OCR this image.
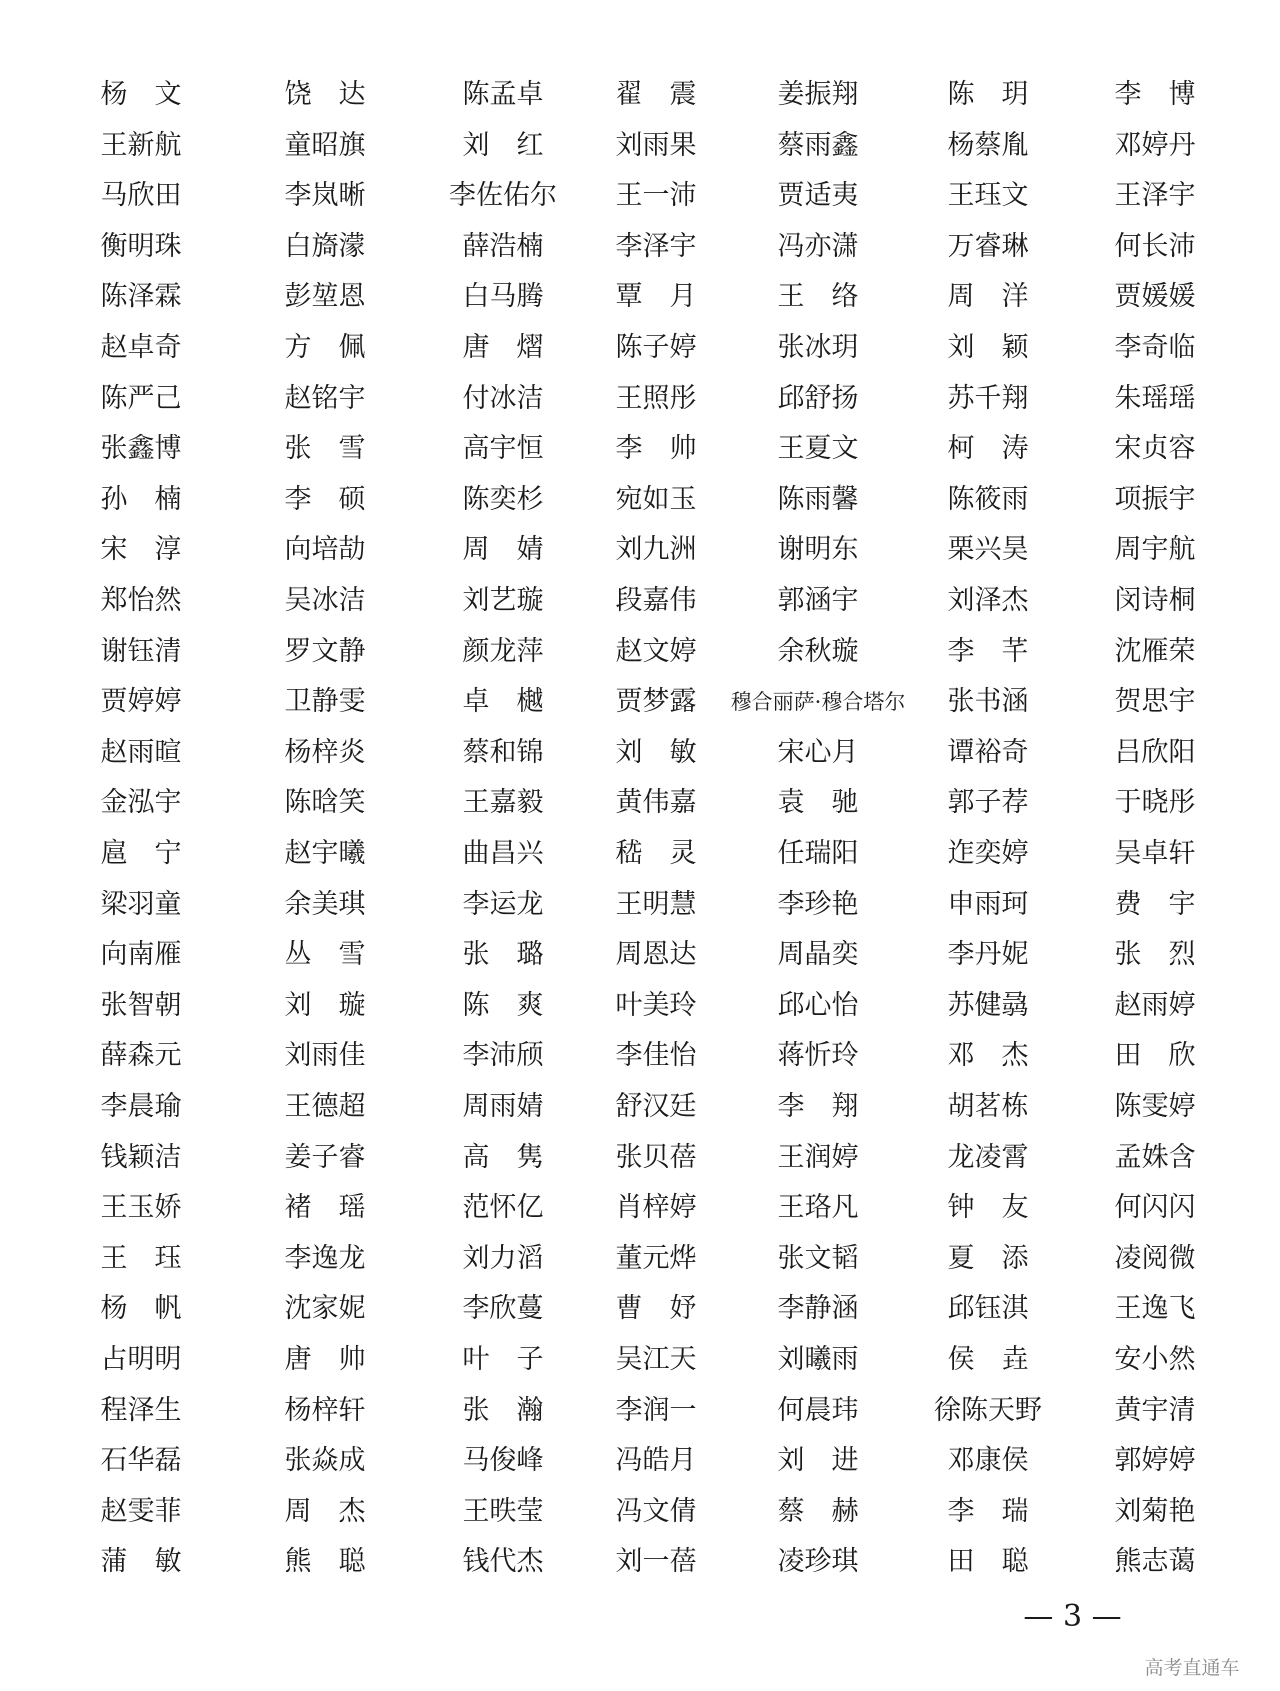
杨　文	饶　达	陈孟卓	翟　震	姜振翔	陈　玥	李　博
王新航	童昭旗	刘　红	刘雨果	蔡雨鑫	杨蔡胤	邓婷丹
马欣田	李岚晰	李佐佑尔 王一沛	贾适夷	王珏文	王泽宇
衡明珠	白旖濛	薛浩楠	李泽宇	冯亦潇	万睿琳	何长沛
陈泽霖	彭堃恩	白马腾	覃　月	王　络	周　洋	贾媛媛
赵卓奇	方　佩	唐　熠	陈子婷	张冰玥	刘　颖	李奇临
陈严己	赵铭宇	付冰洁	王照彤	邱舒扬	苏千翔	朱瑶瑶
张鑫博	张　雪	高宇恒	李　帅	王夏文	柯　涛	宋贞容
孙　楠	李　硕	陈奕杉	宛如玉	陈雨馨	陈筱雨	项振宇
宋　淳	向培劼	周　婧	刘九洲	谢明东	栗兴昊	周宇航
郑怡然	吴冰洁	刘艺璇	段嘉伟	郭涵宇	刘泽杰	闵诗桐
谢钰清	罗文静	颜龙萍	赵文婷	余秋璇	李　芊	沈雁荣
贾婷婷	卫静雯	卓　樾	贾梦露 穆合丽萨·穆合塔尔 张书涵	贺思宇
赵雨暄	杨梓炎	蔡和锦	刘　敏	宋心月	谭裕奇	吕欣阳
金泓宇	陈晗笑	王嘉毅	黄伟嘉	袁　驰	郭子荐	于晓彤
扈　宁	赵宇曦	曲昌兴	嵇　灵	任瑞阳	迮奕婷	吴卓轩
梁羽童	余美琪	李运龙	王明慧	李珍艳	申雨珂	费　宇
向南雁	丛　雪	张　璐	周恩达	周晶奕	李丹妮	张　烈
张智朝	刘　璇	陈　爽	叶美玲	邱心怡	苏健骉	赵雨婷
薛森元	刘雨佳	李沛颀	李佳怡	蒋忻玲	邓　杰	田　欣
李晨瑜	王德超	周雨婧	舒汉廷	李　翔	胡茗栋	陈雯婷
钱颖洁	姜子睿	高　隽	张贝蓓	王润婷	龙凌霄	孟姝含
王玉娇	褚　瑶	范怀亿	肖梓婷	王珞凡	钟　友	何闪闪
王　珏	李逸龙	刘力滔	董元烨	张文韬	夏　添	凌阅微
杨　帆	沈家妮	李欣蔓	曹　妤	李静涵	邱钰淇	王逸飞
占明明	唐　帅	叶　子	吴江天	刘曦雨	侯　垚	安小然
程泽生	杨梓轩	张　瀚	李润一	何晨玮	徐陈天野	黄宇清
石华磊	张焱成	马俊峰	冯皓月	刘　进	邓康侯	郭婷婷
赵雯菲	周　杰	王昳莹	冯文倩	蔡　赫	李　瑞	刘菊艳
蒲　敏	熊　聪	钱代杰	刘一蓓	凌珍琪	田　聪	熊志蔼
— 3 —
高考直通车
